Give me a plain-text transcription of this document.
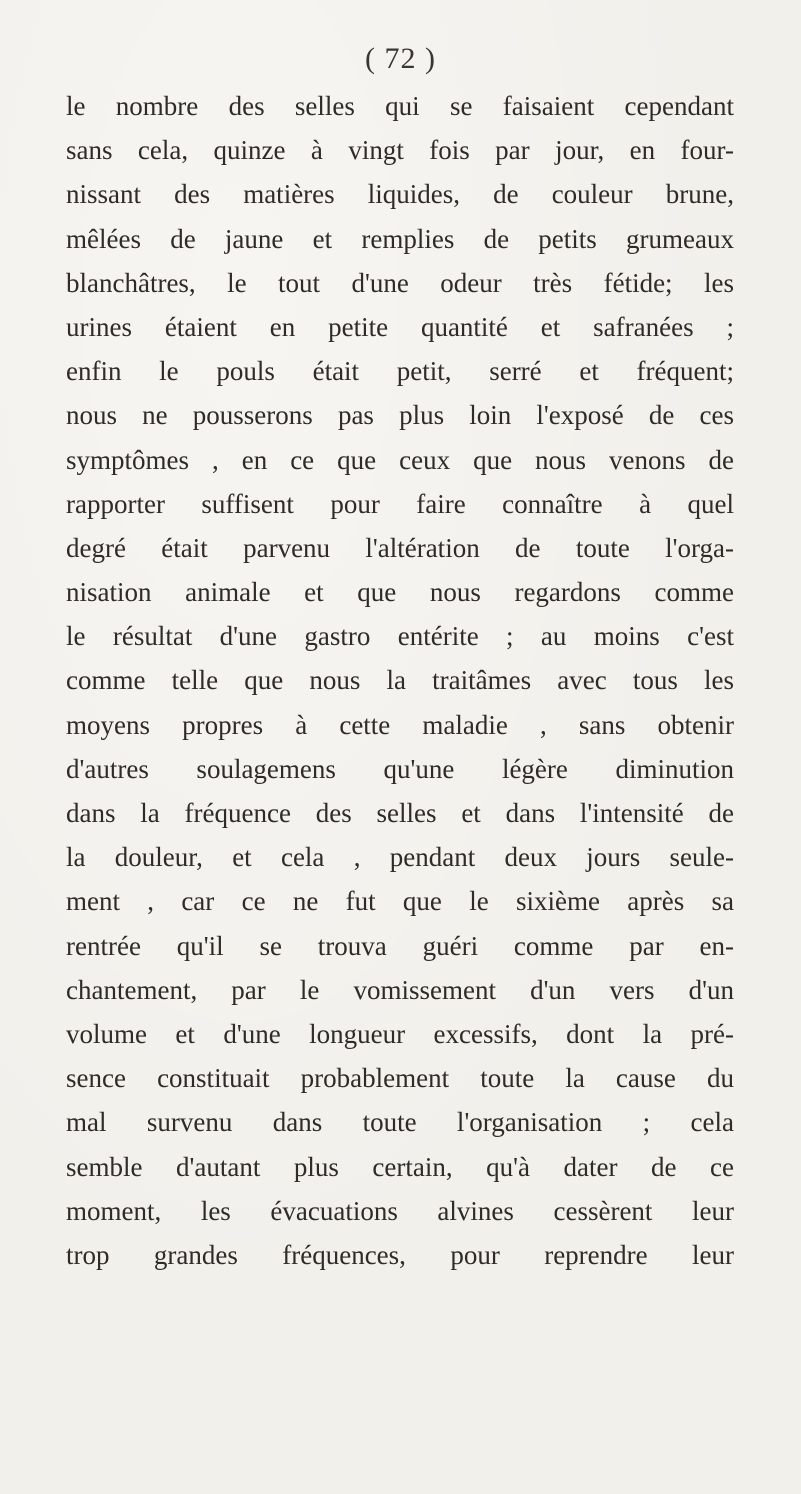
( 72 )
le nombre des selles qui se faisaient cependant
sans cela, quinze à vingt fois par jour, en four-
nissant des matières liquides, de couleur brune,
mêlées de jaune et remplies de petits grumeaux
blanchâtres, le tout d'une odeur très fétide; les
urines étaient en petite quantité et safranées ;
enfin le pouls était petit, serré et fréquent;
nous ne pousserons pas plus loin l'exposé de ces
symptômes , en ce que ceux que nous venons de
rapporter suffisent pour faire connaître à quel
degré était parvenu l'altération de toute l'orga-
nisation animale et que nous regardons comme
le résultat d'une gastro entérite ; au moins c'est
comme telle que nous la traitâmes avec tous les
moyens propres à cette maladie , sans obtenir
d'autres soulagemens qu'une légère diminution
dans la fréquence des selles et dans l'intensité de
la douleur, et cela , pendant deux jours seule-
ment , car ce ne fut que le sixième après sa
rentrée qu'il se trouva guéri comme par en-
chantement, par le vomissement d'un vers d'un
volume et d'une longueur excessifs, dont la pré-
sence constituait probablement toute la cause du
mal survenu dans toute l'organisation ; cela
semble d'autant plus certain, qu'à dater de ce
moment, les évacuations alvines cessèrent leur
trop grandes fréquences, pour reprendre leur
